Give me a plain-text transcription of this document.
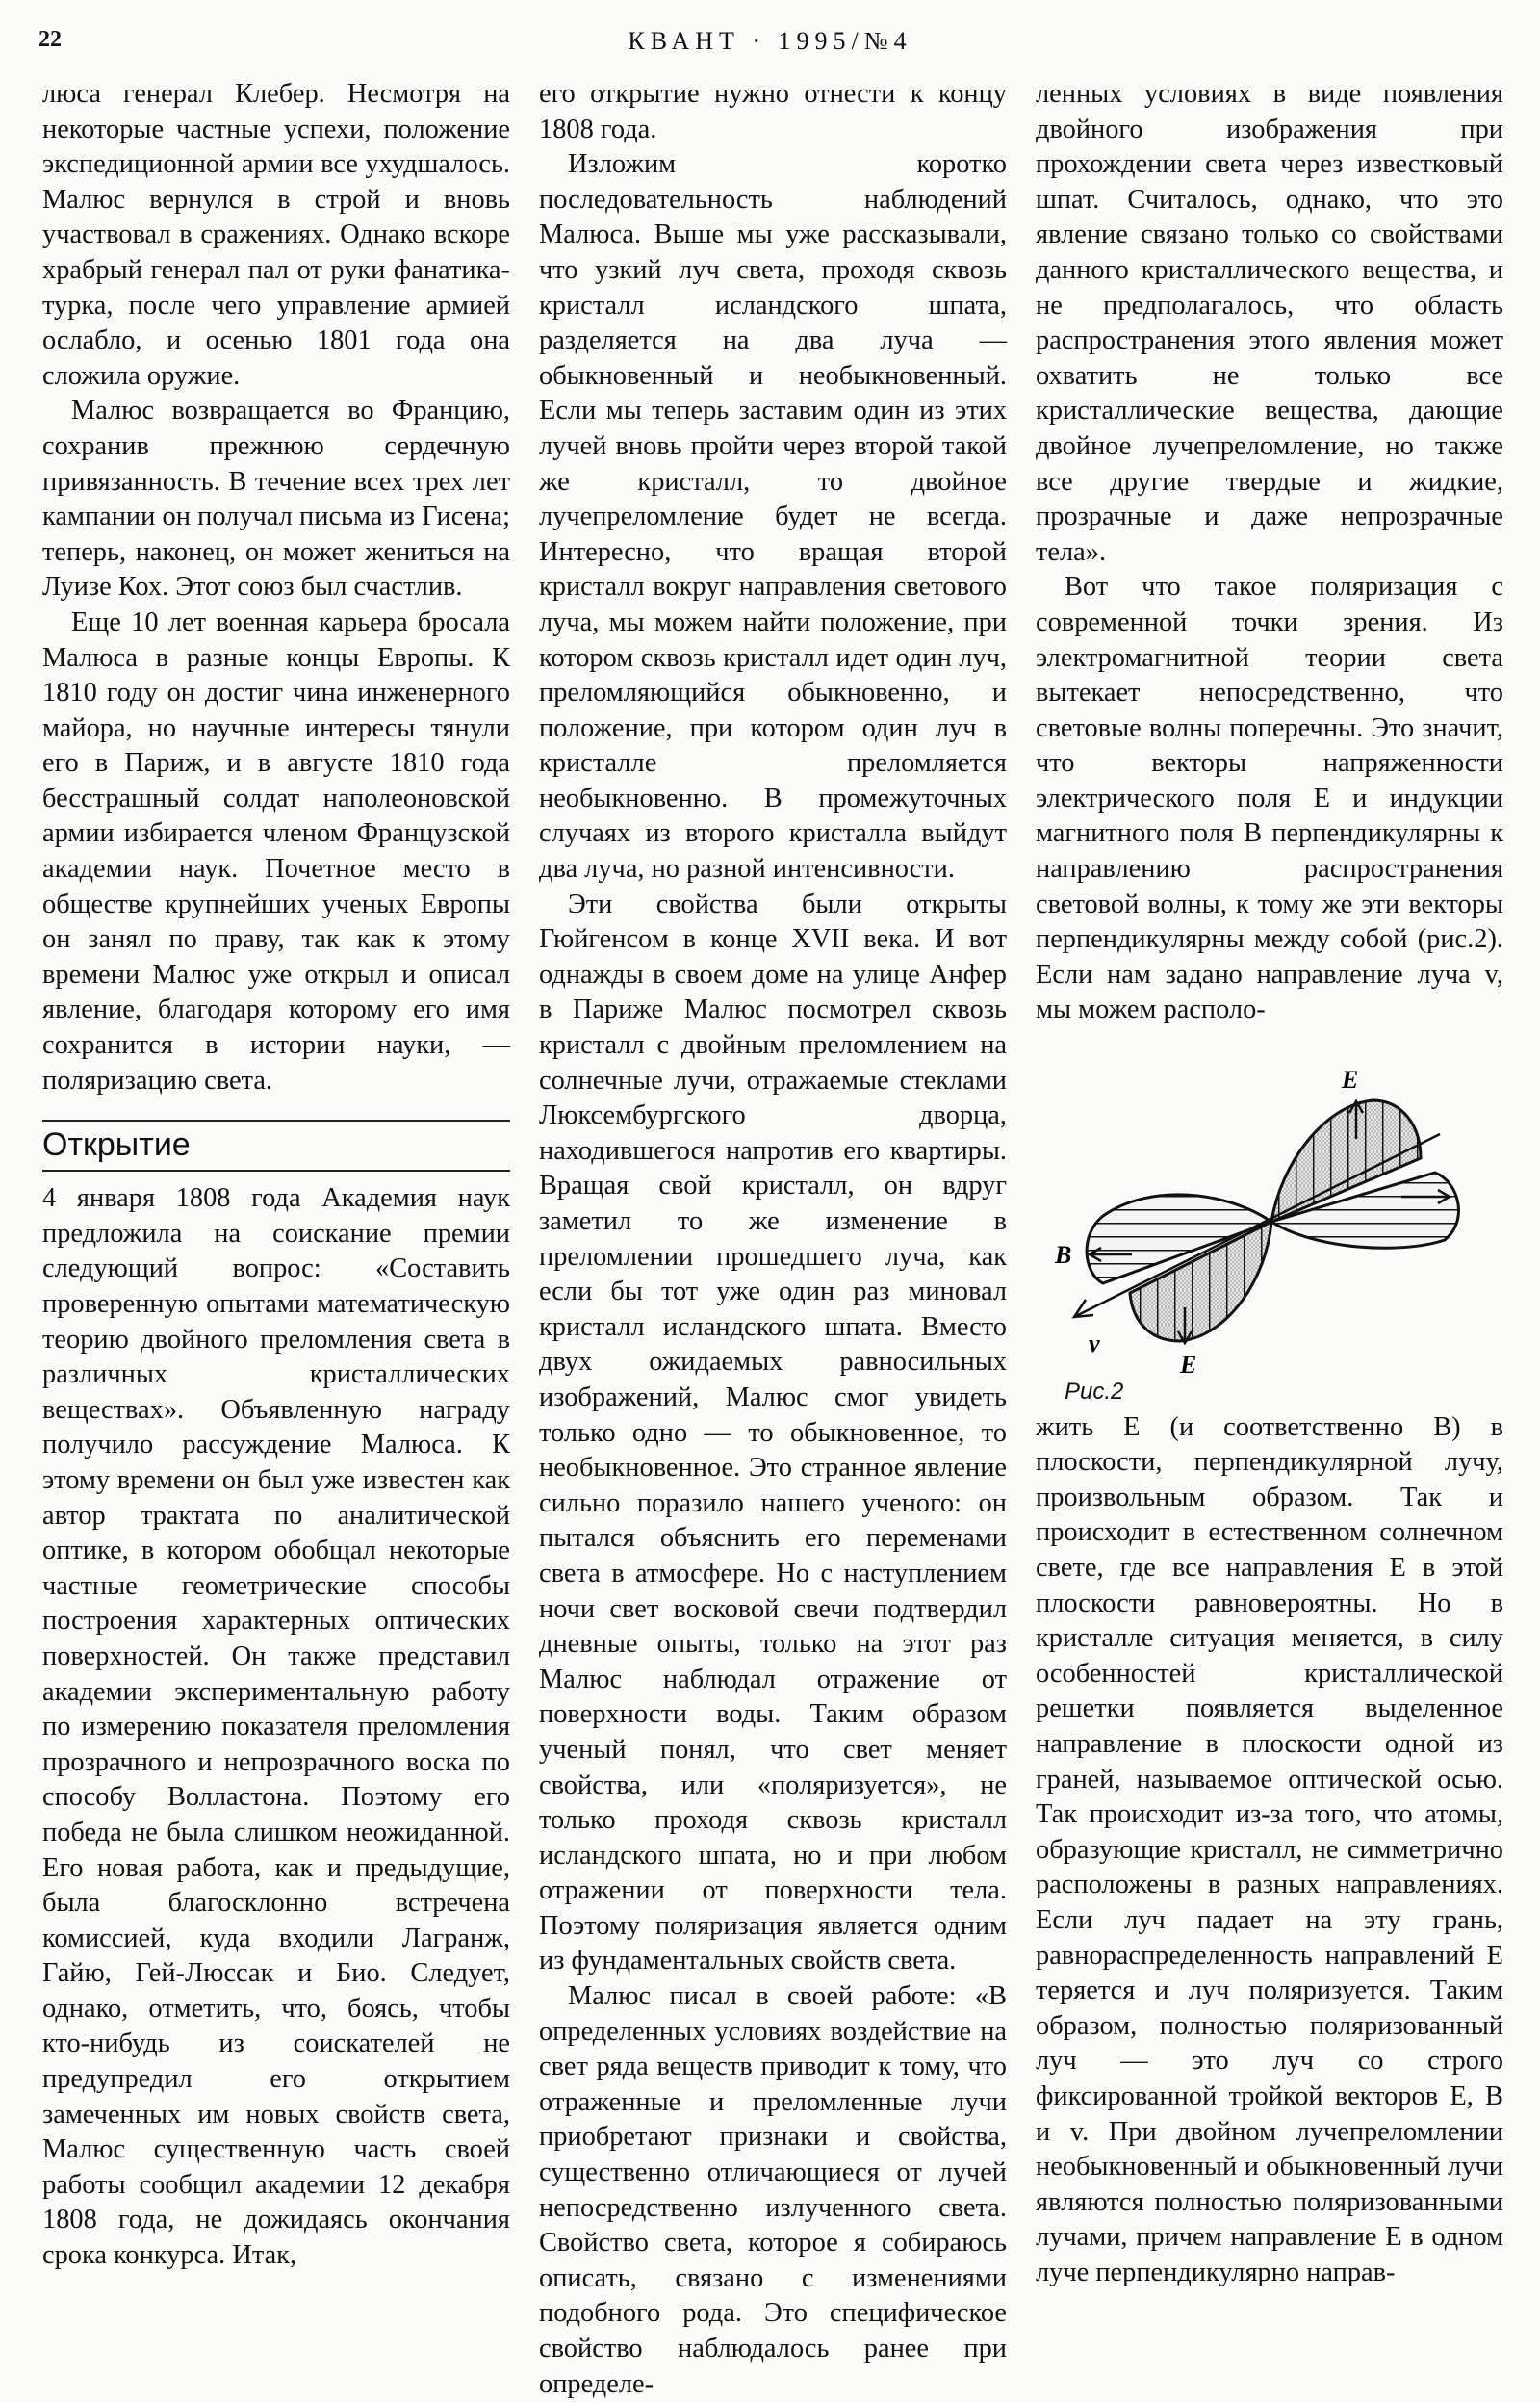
22	КВАНТ · 1995/№4

люса генерал Клебер. Несмотря на некоторые частные успехи, положение экспедиционной армии все ухудшалось. Малюс вернулся в строй и вновь участвовал в сражениях. Однако вскоре храбрый генерал пал от руки фанатика-турка, после чего управление армией ослабло, и осенью 1801 года она сложила оружие.

Малюс возвращается во Францию, сохранив прежнюю сердечную привязанность. В течение всех трех лет кампании он получал письма из Гисена; теперь, наконец, он может жениться на Луизе Кох. Этот союз был счастлив.

Еще 10 лет военная карьера бросала Малюса в разные концы Европы. К 1810 году он достиг чина инженерного майора, но научные интересы тянули его в Париж, и в августе 1810 года бесстрашный солдат наполеоновской армии избирается членом Французской академии наук. Почетное место в обществе крупнейших ученых Европы он занял по праву, так как к этому времени Малюс уже открыл и описал явление, благодаря которому его имя сохранится в истории науки, — поляризацию света.

Открытие

4 января 1808 года Академия наук предложила на соискание премии следующий вопрос: «Составить проверенную опытами математическую теорию двойного преломления света в различных кристаллических веществах». Объявленную награду получило рассуждение Малюса. К этому времени он был уже известен как автор трактата по аналитической оптике, в котором обобщал некоторые частные геометрические способы построения характерных оптических поверхностей. Он также представил академии экспериментальную работу по измерению показателя преломления прозрачного и непрозрачного воска по способу Волластона. Поэтому его победа не была слишком неожиданной. Его новая работа, как и предыдущие, была благосклонно встречена комиссией, куда входили Лагранж, Гайю, Гей-Люссак и Био. Следует, однако, отметить, что, боясь, чтобы кто-нибудь из соискателей не предупредил его открытием замеченных им новых свойств света, Малюс существенную часть своей работы сообщил академии 12 декабря 1808 года, не дожидаясь окончания срока конкурса. Итак,

его открытие нужно отнести к концу 1808 года.

Изложим коротко последовательность наблюдений Малюса. Выше мы уже рассказывали, что узкий луч света, проходя сквозь кристалл исландского шпата, разделяется на два луча — обыкновенный и необыкновенный. Если мы теперь заставим один из этих лучей вновь пройти через второй такой же кристалл, то двойное лучепреломление будет не всегда. Интересно, что вращая второй кристалл вокруг направления светового луча, мы можем найти положение, при котором сквозь кристалл идет один луч, преломляющийся обыкновенно, и положение, при котором один луч в кристалле преломляется необыкновенно. В промежуточных случаях из второго кристалла выйдут два луча, но разной интенсивности.

Эти свойства были открыты Гюйгенсом в конце XVII века. И вот однажды в своем доме на улице Анфер в Париже Малюс посмотрел сквозь кристалл с двойным преломлением на солнечные лучи, отражаемые стеклами Люксембургского дворца, находившегося напротив его квартиры. Вращая свой кристалл, он вдруг заметил то же изменение в преломлении прошедшего луча, как если бы тот уже один раз миновал кристалл исландского шпата. Вместо двух ожидаемых равносильных изображений, Малюс смог увидеть только одно — то обыкновенное, то необыкновенное. Это странное явление сильно поразило нашего ученого: он пытался объяснить его переменами света в атмосфере. Но с наступлением ночи свет восковой свечи подтвердил дневные опыты, только на этот раз Малюс наблюдал отражение от поверхности воды. Таким образом ученый понял, что свет меняет свойства, или «поляризуется», не только проходя сквозь кристалл исландского шпата, но и при любом отражении от поверхности тела. Поэтому поляризация является одним из фундаментальных свойств света.

Малюс писал в своей работе: «В определенных условиях воздействие на свет ряда веществ приводит к тому, что отраженные и преломленные лучи приобретают признаки и свойства, существенно отличающиеся от лучей непосредственно излученного света. Свойство света, которое я собираюсь описать, связано с изменениями подобного рода. Это специфическое свойство наблюдалось ранее при определе-

ленных условиях в виде появления двойного изображения при прохождении света через известковый шпат. Считалось, однако, что это явление связано только со свойствами данного кристаллического вещества, и не предполагалось, что область распространения этого явления может охватить не только все кристаллические вещества, дающие двойное лучепреломление, но также все другие твердые и жидкие, прозрачные и даже непрозрачные тела».

Вот что такое поляризация с современной точки зрения. Из электромагнитной теории света вытекает непосредственно, что световые волны поперечны. Это значит, что векторы напряженности электрического поля E и индукции магнитного поля B перпендикулярны к направлению распространения световой волны, к тому же эти векторы перпендикулярны между собой (рис.2). Если нам задано направление луча v, мы можем располо-

E
E
B
v

Рис.2

жить E (и соответственно B) в плоскости, перпендикулярной лучу, произвольным образом. Так и происходит в естественном солнечном свете, где все направления E в этой плоскости равновероятны. Но в кристалле ситуация меняется, в силу особенностей кристаллической решетки появляется выделенное направление в плоскости одной из граней, называемое оптической осью. Так происходит из-за того, что атомы, образующие кристалл, не симметрично расположены в разных направлениях. Если луч падает на эту грань, равнораспределенность направлений E теряется и луч поляризуется. Таким образом, полностью поляризованный луч — это луч со строго фиксированной тройкой векторов E, B и v. При двойном лучепреломлении необыкновенный и обыкновенный лучи являются полностью поляризованными лучами, причем направление E в одном луче перпендикулярно направ-
